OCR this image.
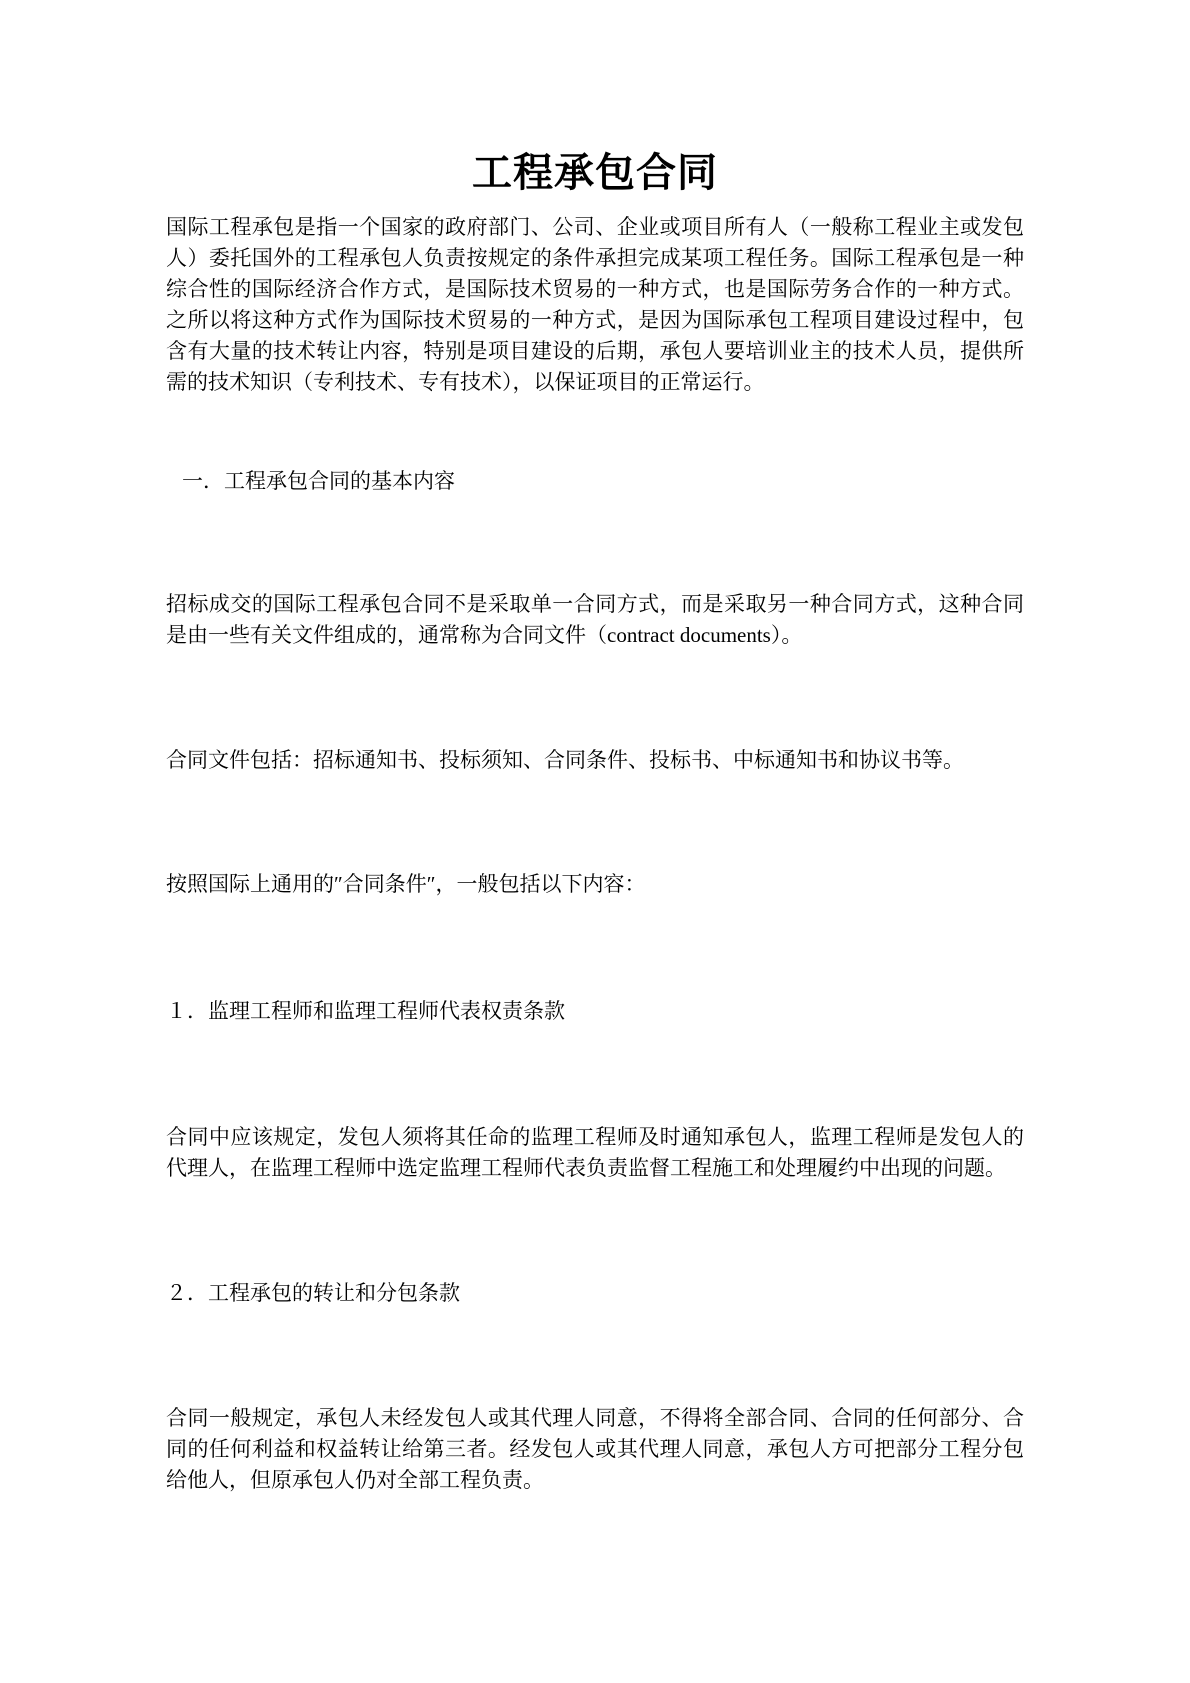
工程承包合同

国际工程承包是指一个国家的政府部门、公司、企业或项目所有人（一般称工程业主或发包人）委托国外的工程承包人负责按规定的条件承担完成某项工程任务。国际工程承包是一种综合性的国际经济合作方式，是国际技术贸易的一种方式，也是国际劳务合作的一种方式。之所以将这种方式作为国际技术贸易的一种方式，是因为国际承包工程项目建设过程中，包含有大量的技术转让内容，特别是项目建设的后期，承包人要培训业主的技术人员，提供所需的技术知识（专利技术、专有技术），以保证项目的正常运行。

一．工程承包合同的基本内容

招标成交的国际工程承包合同不是采取单一合同方式，而是采取另一种合同方式，这种合同是由一些有关文件组成的，通常称为合同文件（contract documents）。

合同文件包括：招标通知书、投标须知、合同条件、投标书、中标通知书和协议书等。

按照国际上通用的″合同条件″，一般包括以下内容：

１．监理工程师和监理工程师代表权责条款

合同中应该规定，发包人须将其任命的监理工程师及时通知承包人，监理工程师是发包人的代理人，在监理工程师中选定监理工程师代表负责监督工程施工和处理履约中出现的问题。

２．工程承包的转让和分包条款

合同一般规定，承包人未经发包人或其代理人同意，不得将全部合同、合同的任何部分、合同的任何利益和权益转让给第三者。经发包人或其代理人同意，承包人方可把部分工程分包给他人，但原承包人仍对全部工程负责。
